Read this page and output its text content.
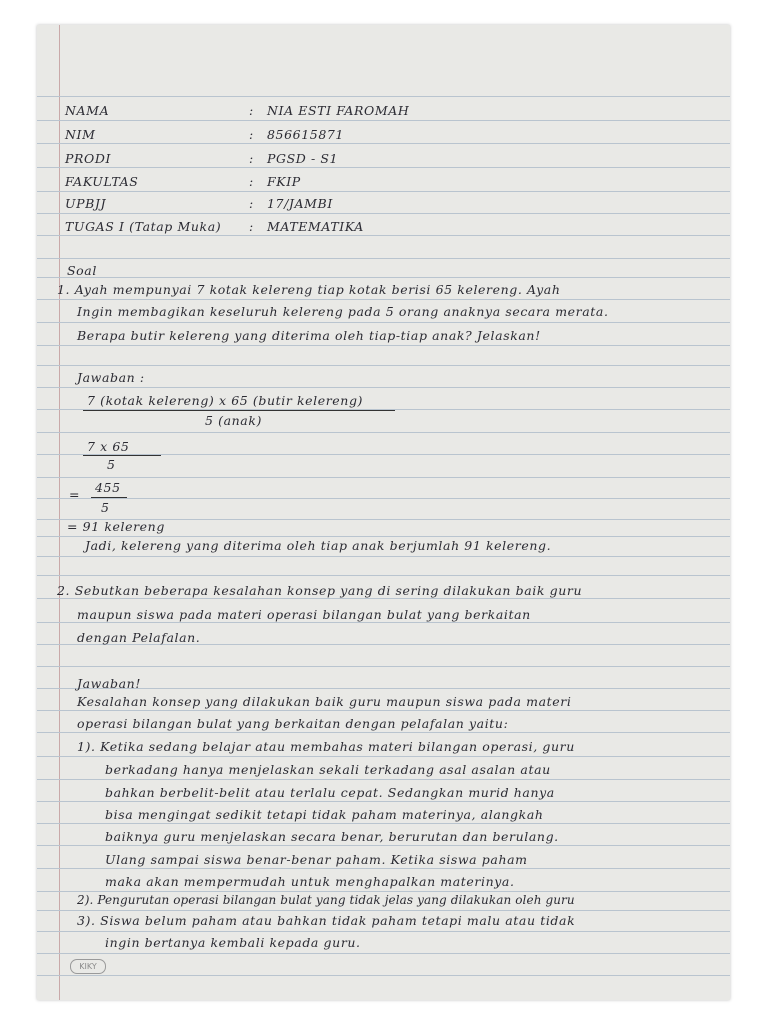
NAMA	: NIA ESTI FAROMAH
NIM	: 856615871
PRODI	: PGSD - S1
FAKULTAS	: FKIP
UPBJJ	: 17/JAMBI
TUGAS I (Tatap Muka) : MATEMATIKA
Soal
1. Ayah mempunyai 7 kotak kelereng tiap kotak berisi 65 kelereng. Ayah
Ingin membagikan keseluruh kelereng pada 5 orang anaknya secara merata.
Berapa butir kelereng yang diterima oleh tiap-tiap anak? Jelaskan!
Jawaban :
7 (kotak kelereng) x 65 (butir kelereng)
5 (anak)
7 x 65
5
= 455
5
= 91 kelereng
Jadi, kelereng yang diterima oleh tiap anak berjumlah 91 kelereng.
2. Sebutkan beberapa kesalahan konsep yang di sering dilakukan baik guru
maupun siswa pada materi operasi bilangan bulat yang berkaitan
dengan Pelafalan.
Jawaban!
Kesalahan konsep yang dilakukan baik guru maupun siswa pada materi
operasi bilangan bulat yang berkaitan dengan pelafalan yaitu:
1). Ketika sedang belajar atau membahas materi bilangan operasi, guru
berkadang hanya menjelaskan sekali terkadang asal asalan atau
bahkan berbelit-belit atau terlalu cepat. Sedangkan murid hanya
bisa mengingat sedikit tetapi tidak paham materinya, alangkah
baiknya guru menjelaskan secara benar, berurutan dan berulang.
Ulang sampai siswa benar-benar paham. Ketika siswa paham
maka akan mempermudah untuk menghapalkan materinya.
2). Pengurutan operasi bilangan bulat yang tidak jelas yang dilakukan oleh guru
3). Siswa belum paham atau bahkan tidak paham tetapi malu atau tidak
ingin bertanya kembali kepada guru.
KIKY
